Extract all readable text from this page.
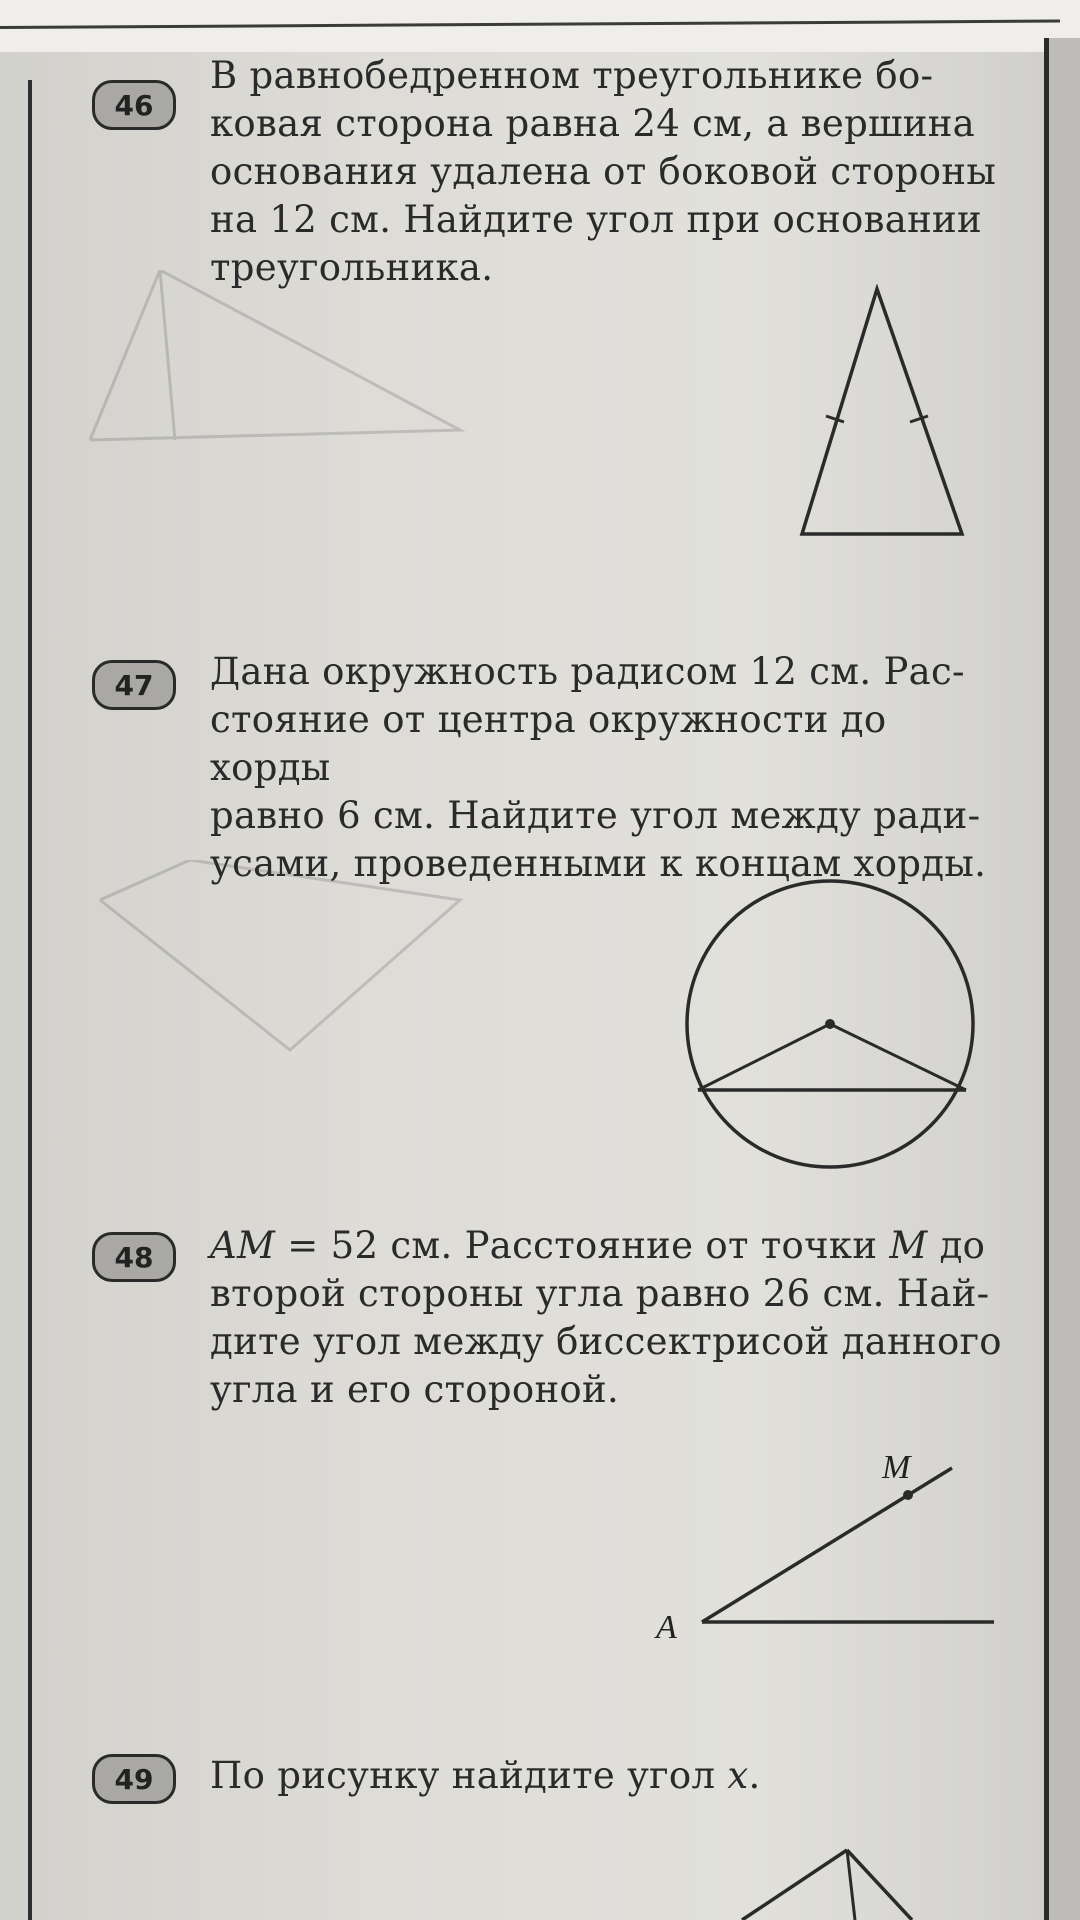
46
В равнобедренном треугольнике бо-
ковая сторона равна 24 см, а вершина
основания удалена от боковой стороны
на 12 см. Найдите угол при основании
треугольника.
47	Дана окружность радисом 12 см. Рас-
стояние от центра окружности до хорды
равно 6 см. Найдите угол между ради-
усами, проведенными к концам хорды.
48	AM = 52 см. Расстояние от точки M до
второй стороны угла равно 26 см. Най-
дите угол между биссектрисой данного
угла и его стороной.
M
A
49	По рисунку найдите угол x.
